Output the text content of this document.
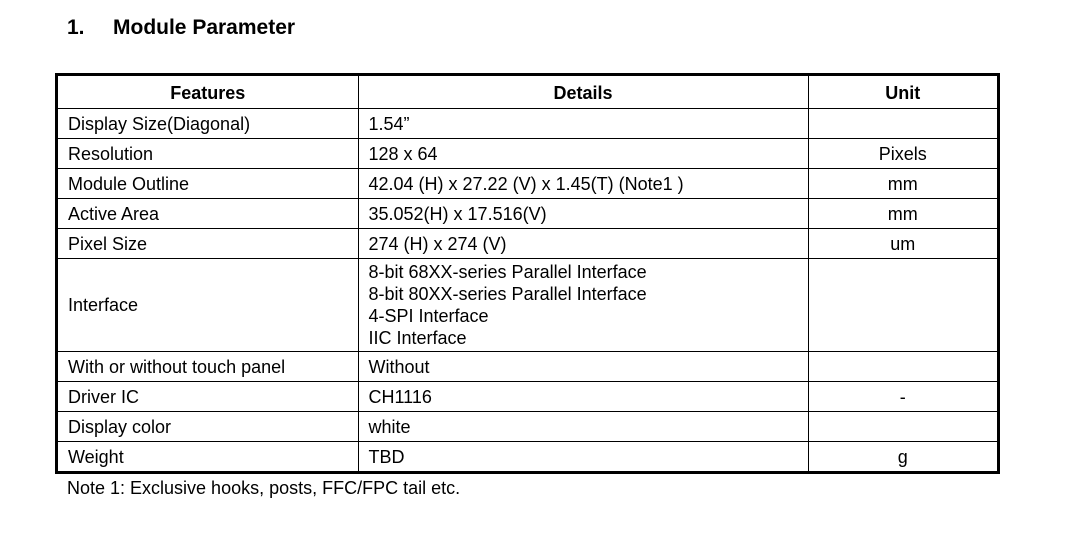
1. Module Parameter
Features	Details	Unit
Display Size(Diagonal)	1.54”	

Resolution	128 x 64	Pixels
Module Outline	42.04 (H) x 27.22 (V) x 1.45(T) (Note1 )	mm
Active Area	35.052(H) x 17.516(V)	mm
Pixel Size	274 (H) x 274 (V)	um
Interface	8-bit 68XX-series Parallel Interface
8-bit 80XX-series Parallel Interface
4-SPI Interface
IIC Interface	

With or without touch panel	Without	

Driver IC	CH1116	-
Display color	white	

Weight	TBD	g

Note 1: Exclusive hooks, posts, FFC/FPC tail etc.
